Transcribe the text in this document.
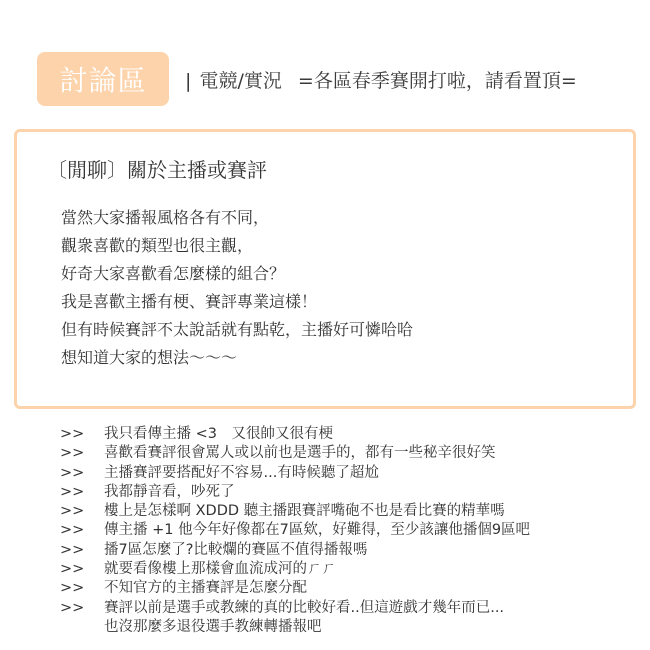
討論區 | 電競/實況 =各區春季賽開打啦，請看置頂=
〔閒聊〕關於主播或賽評
當然大家播報風格各有不同，
觀衆喜歡的類型也很主觀，
好奇大家喜歡看怎麼樣的組合？
我是喜歡主播有梗、賽評專業這樣！
但有時候賽評不太說話就有點乾，主播好可憐哈哈
想知道大家的想法〜〜〜
>>	我只看傳主播 <3　又很帥又很有梗
>>	喜歡看賽評很會罵人或以前也是選手的，都有一些秘辛很好笑
>>	主播賽評要搭配好不容易...有時候聽了超尬
>>	我都靜音看，吵死了
>>	樓上是怎樣啊 XDDD 聽主播跟賽評嘴砲不也是看比賽的精華嗎
>>	傳主播 +1 他今年好像都在7區欸，好難得，至少該讓他播個9區吧
>>	播7區怎麼了?比較爛的賽區不值得播報嗎
>>	就要看像樓上那樣會血流成河的ㄏㄏ
>>	不知官方的主播賽評是怎麼分配
>>	賽評以前是選手或教練的真的比較好看..但這遊戲才幾年而已...
也沒那麼多退役選手教練轉播報吧
